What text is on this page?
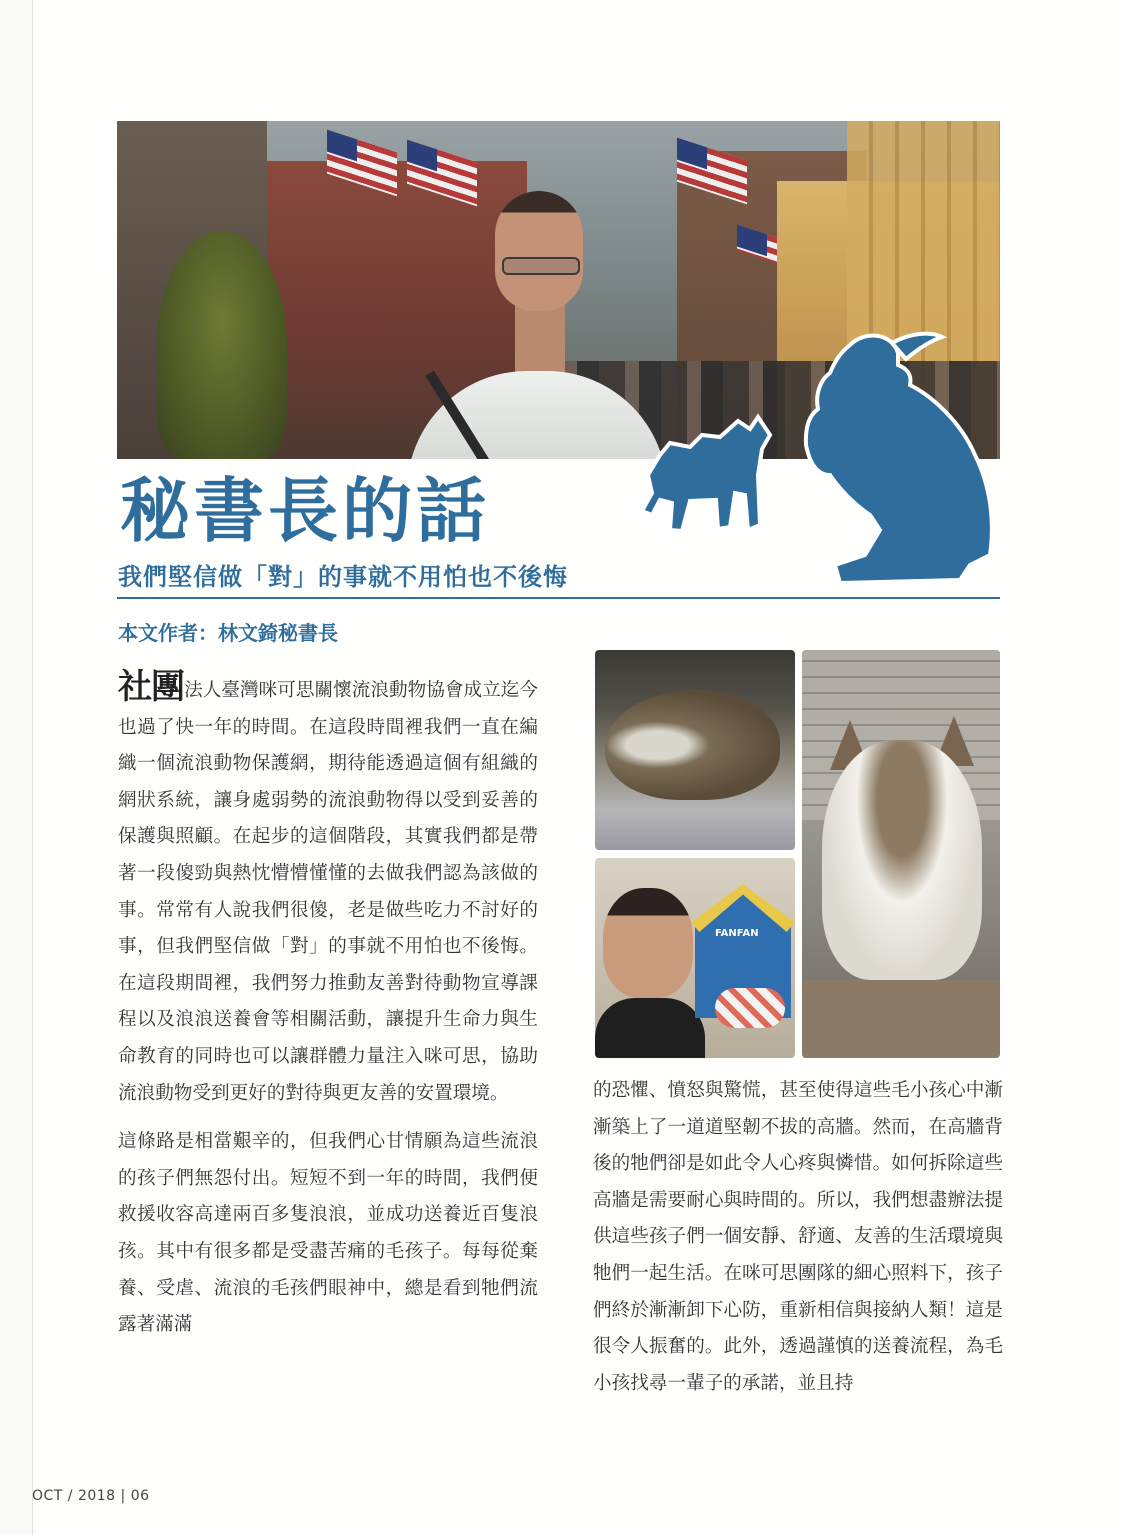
秘書長的話
我們堅信做「對」的事就不用怕也不後悔

本文作者：林文錡秘書長

社團法人臺灣咪可思關懷流浪動物協會成立迄今也過了快一年的時間。在這段時間裡我們一直在編織一個流浪動物保護網，期待能透過這個有組織的網狀系統，讓身處弱勢的流浪動物得以受到妥善的保護與照顧。在起步的這個階段，其實我們都是帶著一段傻勁與熱忱懵懵懂懂的去做我們認為該做的事。常常有人說我們很傻，老是做些吃力不討好的事，但我們堅信做「對」的事就不用怕也不後悔。在這段期間裡，我們努力推動友善對待動物宣導課程以及浪浪送養會等相關活動，讓提升生命力與生命教育的同時也可以讓群體力量注入咪可思，協助流浪動物受到更好的對待與更友善的安置環境。

這條路是相當艱辛的，但我們心甘情願為這些流浪的孩子們無怨付出。短短不到一年的時間，我們便救援收容高達兩百多隻浪浪，並成功送養近百隻浪孩。其中有很多都是受盡苦痛的毛孩子。每每從棄養、受虐、流浪的毛孩們眼神中，總是看到牠們流露著滿滿

FANFAN

的恐懼、憤怒與驚慌，甚至使得這些毛小孩心中漸漸築上了一道道堅韌不拔的高牆。然而，在高牆背後的牠們卻是如此令人心疼與憐惜。如何拆除這些高牆是需要耐心與時間的。所以，我們想盡辦法提供這些孩子們一個安靜、舒適、友善的生活環境與牠們一起生活。在咪可思團隊的細心照料下，孩子們終於漸漸卸下心防，重新相信與接納人類！這是很令人振奮的。此外，透過謹慎的送養流程，為毛小孩找尋一輩子的承諾，並且持

OCT / 2018 | 06
